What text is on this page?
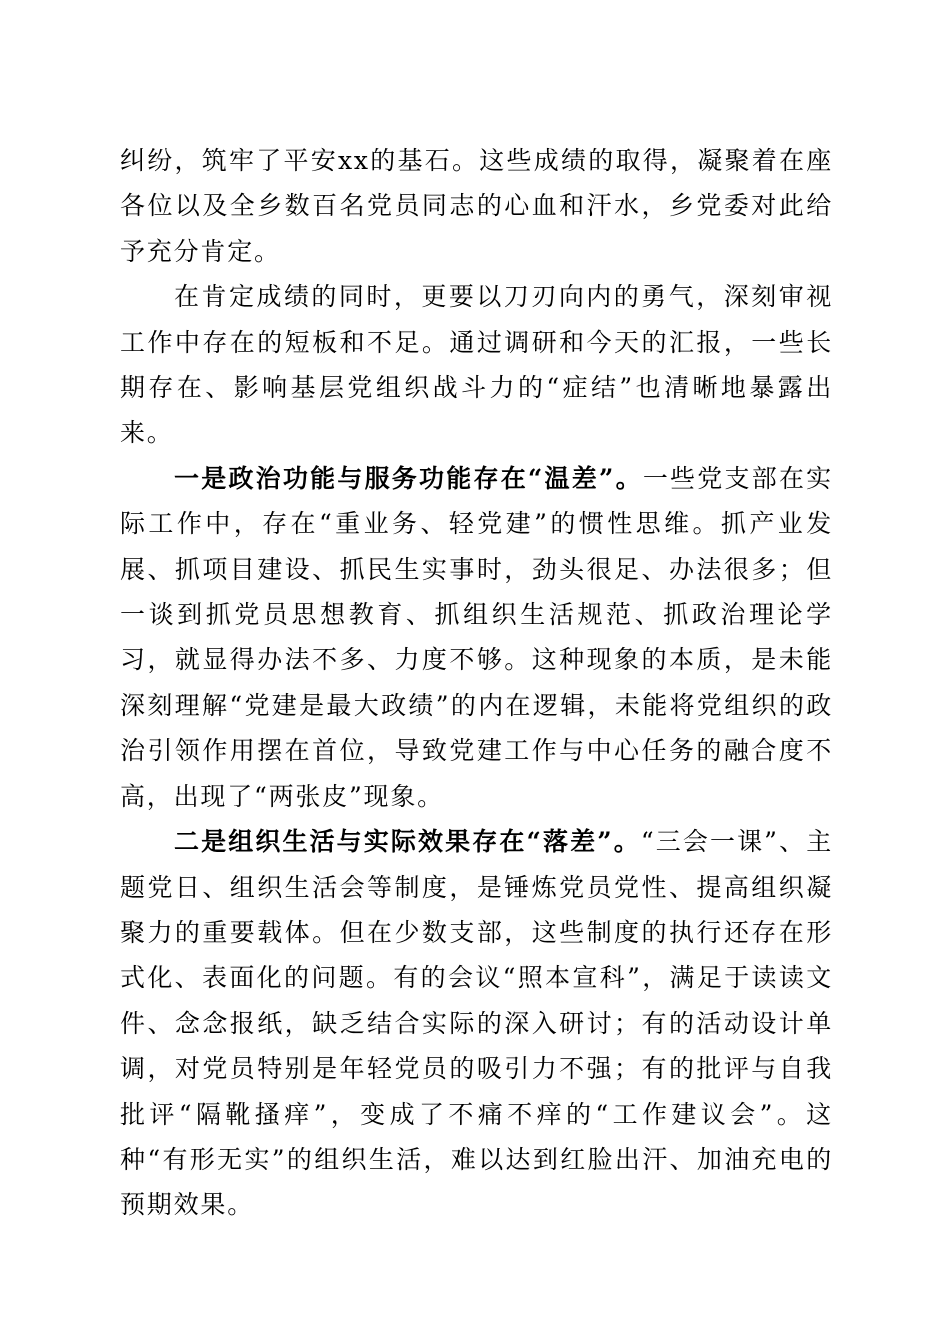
纠纷，筑牢了平安xx的基石。这些成绩的取得，凝聚着在座各位以及全乡数百名党员同志的心血和汗水，乡党委对此给予充分肯定。

在肯定成绩的同时，更要以刀刃向内的勇气，深刻审视工作中存在的短板和不足。通过调研和今天的汇报，一些长期存在、影响基层党组织战斗力的“症结”也清晰地暴露出来。

一是政治功能与服务功能存在“温差”。一些党支部在实际工作中，存在“重业务、轻党建”的惯性思维。抓产业发展、抓项目建设、抓民生实事时，劲头很足、办法很多；但一谈到抓党员思想教育、抓组织生活规范、抓政治理论学习，就显得办法不多、力度不够。这种现象的本质，是未能深刻理解“党建是最大政绩”的内在逻辑，未能将党组织的政治引领作用摆在首位，导致党建工作与中心任务的融合度不高，出现了“两张皮”现象。

二是组织生活与实际效果存在“落差”。“三会一课”、主题党日、组织生活会等制度，是锤炼党员党性、提高组织凝聚力的重要载体。但在少数支部，这些制度的执行还存在形式化、表面化的问题。有的会议“照本宣科”，满足于读读文件、念念报纸，缺乏结合实际的深入研讨；有的活动设计单调，对党员特别是年轻党员的吸引力不强；有的批评与自我批评“隔靴搔痒”，变成了不痛不痒的“工作建议会”。这种“有形无实”的组织生活，难以达到红脸出汗、加油充电的预期效果。
